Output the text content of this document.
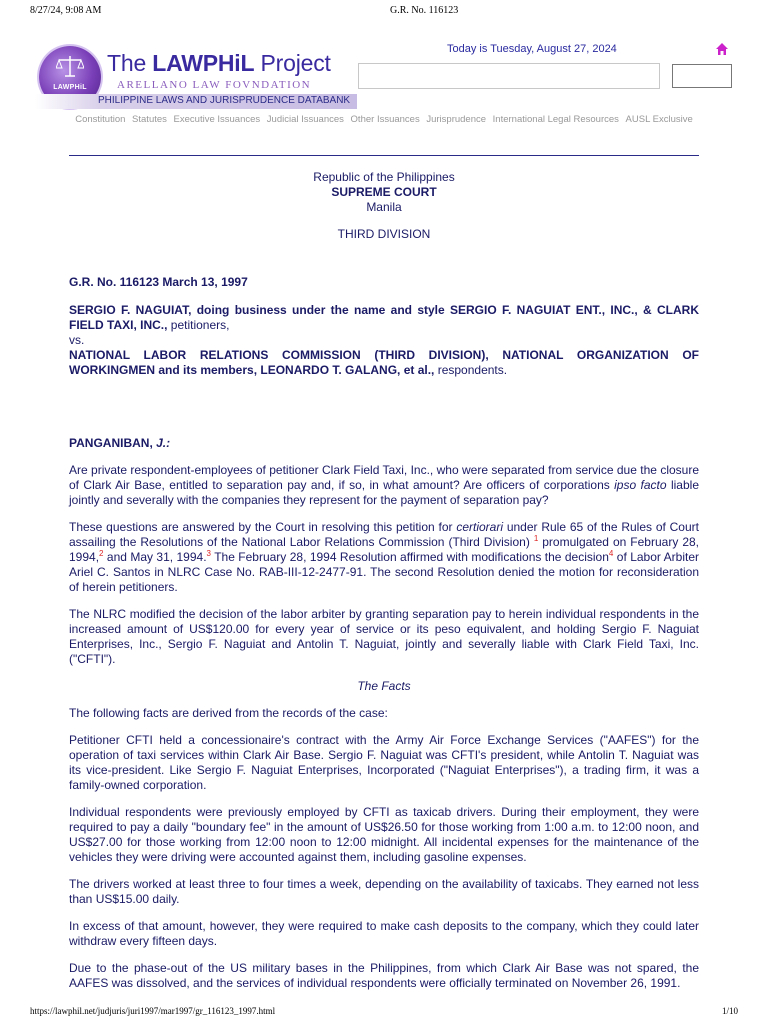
8/27/24, 9:08 AM	G.R. No. 116123
LAWPHiL
The LAWPHiL Project
ARELLANO LAW FOVNDATION
PHILIPPINE LAWS AND JURISPRUDENCE DATABANK
Today is Tuesday, August 27, 2024
Constitution Statutes Executive Issuances Judicial Issuances Other Issuances Jurisprudence International Legal Resources AUSL Exclusive
Republic of the Philippines
SUPREME COURT
Manila
THIRD DIVISION
G.R. No. 116123 March 13, 1997
SERGIO F. NAGUIAT, doing business under the name and style SERGIO F. NAGUIAT ENT., INC., & CLARK FIELD TAXI, INC., petitioners,
vs.
NATIONAL LABOR RELATIONS COMMISSION (THIRD DIVISION), NATIONAL ORGANIZATION OF WORKINGMEN and its members, LEONARDO T. GALANG, et al., respondents.
PANGANIBAN, J.:

Are private respondent-employees of petitioner Clark Field Taxi, Inc., who were separated from service due the closure of Clark Air Base, entitled to separation pay and, if so, in what amount? Are officers of corporations ipso facto liable jointly and severally with the companies they represent for the payment of separation pay?

These questions are answered by the Court in resolving this petition for certiorari under Rule 65 of the Rules of Court assailing the Resolutions of the National Labor Relations Commission (Third Division) $^1$ promulgated on February 28, 1994,$^2$ and May 31, 1994.$^3$ The February 28, 1994 Resolution affirmed with modifications the decision$^4$ of Labor Arbiter Ariel C. Santos in NLRC Case No. RAB-III-12-2477-91. The second Resolution denied the motion for reconsideration of herein petitioners.

The NLRC modified the decision of the labor arbiter by granting separation pay to herein individual respondents in the increased amount of US$120.00 for every year of service or its peso equivalent, and holding Sergio F. Naguiat Enterprises, Inc., Sergio F. Naguiat and Antolin T. Naguiat, jointly and severally liable with Clark Field Taxi, Inc. ("CFTI").

The Facts

The following facts are derived from the records of the case:

Petitioner CFTI held a concessionaire's contract with the Army Air Force Exchange Services ("AAFES") for the operation of taxi services within Clark Air Base. Sergio F. Naguiat was CFTI's president, while Antolin T. Naguiat was its vice-president. Like Sergio F. Naguiat Enterprises, Incorporated ("Naguiat Enterprises"), a trading firm, it was a family-owned corporation.

Individual respondents were previously employed by CFTI as taxicab drivers. During their employment, they were required to pay a daily "boundary fee" in the amount of US$26.50 for those working from 1:00 a.m. to 12:00 noon, and US$27.00 for those working from 12:00 noon to 12:00 midnight. All incidental expenses for the maintenance of the vehicles they were driving were accounted against them, including gasoline expenses.

The drivers worked at least three to four times a week, depending on the availability of taxicabs. They earned not less than US$15.00 daily.

In excess of that amount, however, they were required to make cash deposits to the company, which they could later withdraw every fifteen days.

Due to the phase-out of the US military bases in the Philippines, from which Clark Air Base was not spared, the AAFES was dissolved, and the services of individual respondents were officially terminated on November 26, 1991.

https://lawphil.net/judjuris/juri1997/mar1997/gr_116123_1997.html	1/10
